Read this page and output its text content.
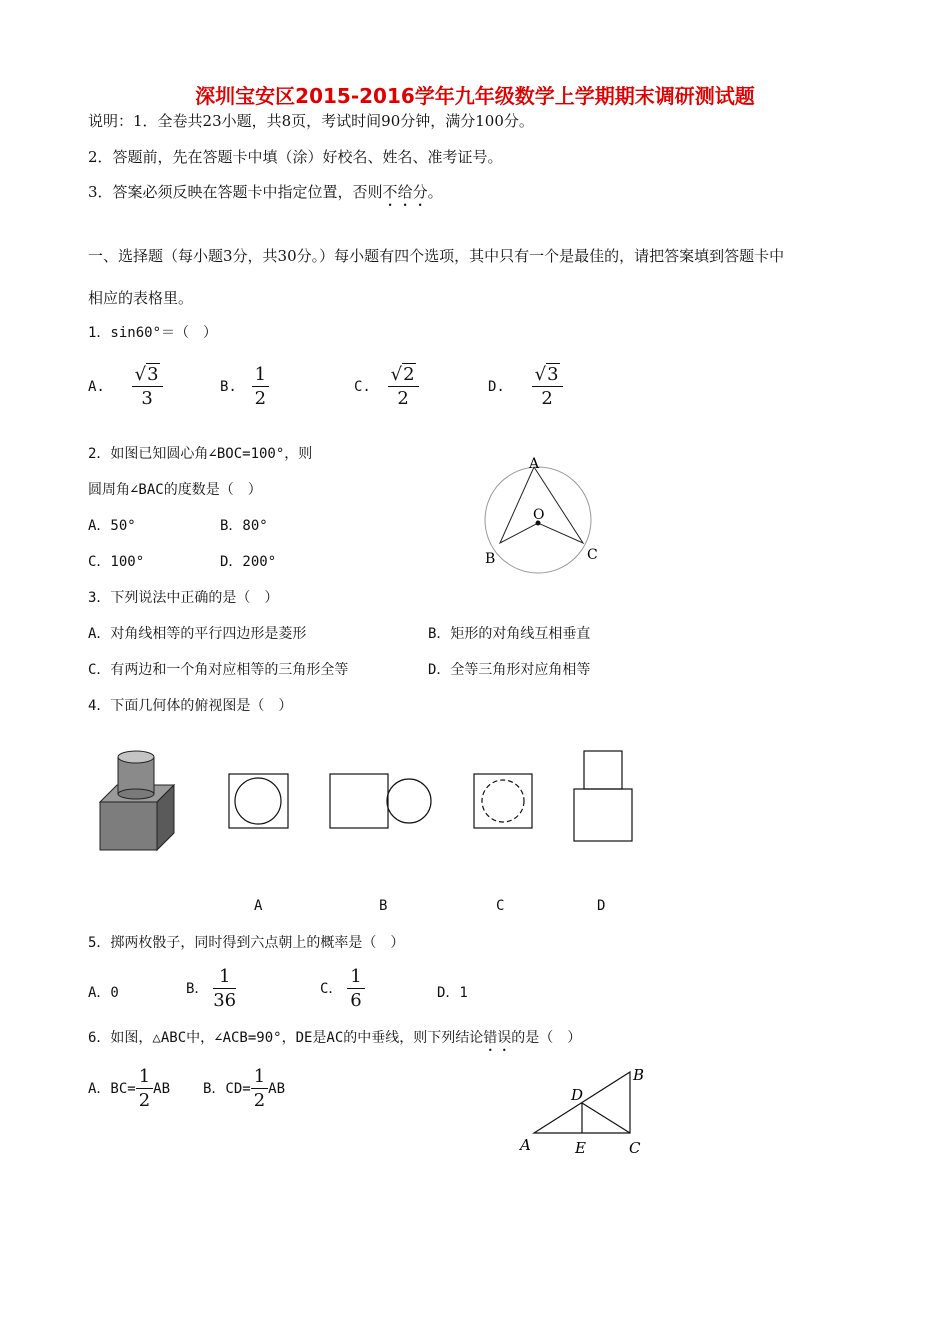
深圳宝安区2015-2016学年九年级数学上学期期末调研测试题
说明：1．全卷共23小题，共8页，考试时间90分钟，满分100分。
2．答题前，先在答题卡中填（涂）好校名、姓名、准考证号。
3．答案必须反映在答题卡中指定位置，否则不给分。
一、选择题（每小题3分，共30分。）每小题有四个选项，其中只有一个是最佳的，请把答案填到答题卡中
相应的表格里。
1．sin60°＝（　）
A. $\frac{√3}{3}$	B. $\frac{1}{2}$	C. $\frac{√2}{2}$	D. $\frac{√3}{2}$
2．如图已知圆心角∠BOC=100°，则
圆周角∠BAC的度数是（　）
A．50°	B．80°
C．100°	D．200°
A
O
B	C
3．下列说法中正确的是（　）
A．对角线相等的平行四边形是菱形	B．矩形的对角线互相垂直
C．有两边和一个角对应相等的三角形全等	D．全等三角形对应角相等
4．下面几何体的俯视图是（　）
A	B	C	D
5．掷两枚骰子，同时得到六点朝上的概率是（　）
A．0	B． $\frac{1}{36}$	C． $\frac{1}{6}$	D．1
6．如图，△ABC中，∠ACB=90°，DE是AC的中垂线，则下列结论错误的是（　）
A．$BC= \frac{1}{2}$ AB B．$CD= \frac{1}{2}$ AB
A
B
C
D
E
